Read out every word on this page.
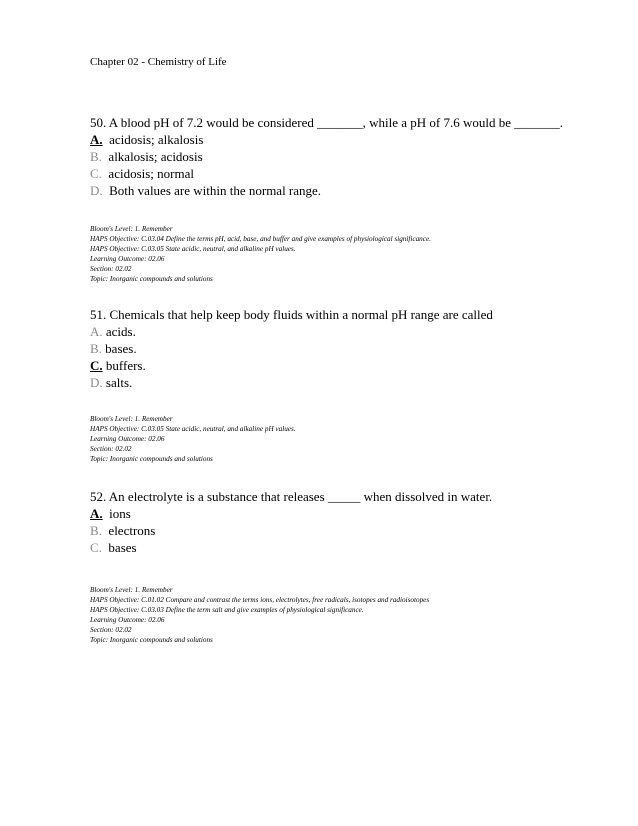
Chapter 02 - Chemistry of Life

50. A blood pH of 7.2 would be considered _______, while a pH of 7.6 would be _______.

A. acidosis; alkalosis

B. alkalosis; acidosis

C. acidosis; normal

D. Both values are within the normal range.

Bloom's Level: 1. Remember
HAPS Objective: C.03.04 Define the terms pH, acid, base, and buffer and give examples of physiological significance.
HAPS Objective: C.03.05 State acidic, neutral, and alkaline pH values.
Learning Outcome: 02.06
Section: 02.02
Topic: Inorganic compounds and solutions

51. Chemicals that help keep body fluids within a normal pH range are called

A. acids.

B. bases.

C. buffers.

D. salts.

Bloom's Level: 1. Remember
HAPS Objective: C.03.05 State acidic, neutral, and alkaline pH values.
Learning Outcome: 02.06
Section: 02.02
Topic: Inorganic compounds and solutions

52. An electrolyte is a substance that releases _____ when dissolved in water.

A. ions

B. electrons

C. bases

Bloom's Level: 1. Remember
HAPS Objective: C.01.02 Compare and contrast the terms ions, electrolytes, free radicals, isotopes and radioisotopes
HAPS Objective: C.03.03 Define the term salt and give examples of physiological significance.
Learning Outcome: 02.06
Section: 02.02
Topic: Inorganic compounds and solutions
